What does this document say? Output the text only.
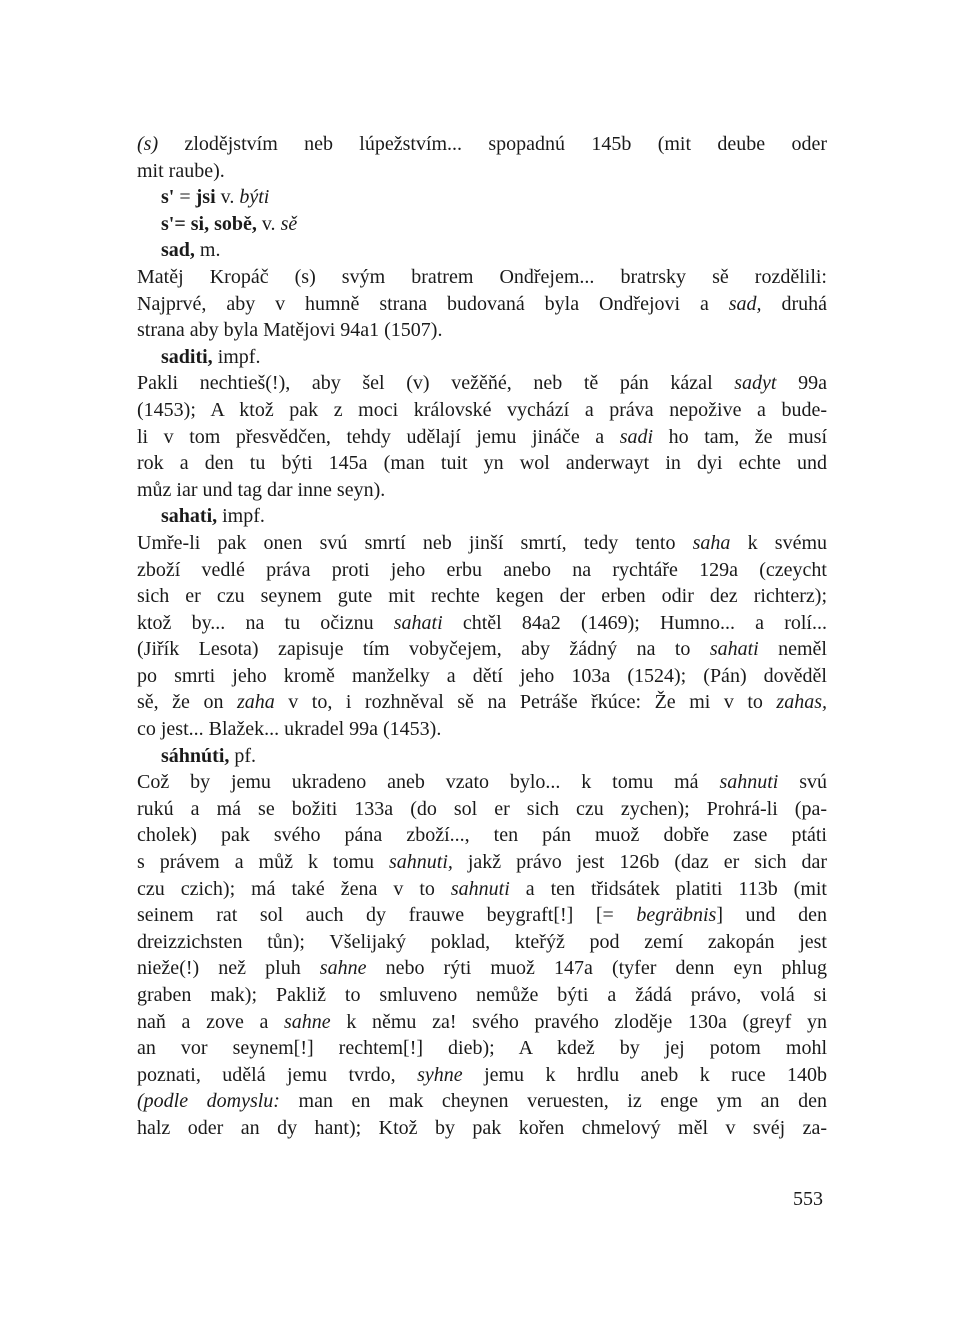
(s) zlodějstvím neb lúpežstvím... spopadnú 145b (mit deube oder
mit raube).
s' = jsi v. býti
s'= si, sobě, v. sě
sad, m.
Matěj Kropáč (s) svým bratrem Ondřejem... bratrsky sě rozdělili:
Najprvé, aby v humně strana budovaná byla Ondřejovi a sad, druhá
strana aby byla Matějovi 94a1 (1507).
saditi, impf.
Pakli nechtieš(!), aby šel (v) vežěňé, neb tě pán kázal sadyt 99a
(1453); A ktož pak z moci královské vychází a práva nepožive a bude-
li v tom přesvědčen, tehdy udělají jemu jináče a sadi ho tam, že musí
rok a den tu býti 145a (man tuit yn wol anderwayt in dyi echte und
můz iar und tag dar inne seyn).
sahati, impf.
Umře-li pak onen svú smrtí neb jinší smrtí, tedy tento saha k svému
zboží vedlé práva proti jeho erbu anebo na rychtáře 129a (czeycht
sich er czu seynem gute mit rechte kegen der erben odir dez richterz);
ktož by... na tu očiznu sahati chtěl 84a2 (1469); Humno... a rolí...
(Jiřík Lesota) zapisuje tím vobyčejem, aby žádný na to sahati neměl
po smrti jeho kromě manželky a dětí jeho 103a (1524); (Pán) dověděl
sě, že on zaha v to, i rozhněval sě na Petráše řkúce: Že mi v to zahas,
co jest... Blažek... ukradel 99a (1453).
sáhnúti, pf.
Což by jemu ukradeno aneb vzato bylo... k tomu má sahnuti svú
rukú a má se božiti 133a (do sol er sich czu zychen); Prohrá-li (pa-
cholek) pak svého pána zboží..., ten pán muož dobře zase ptáti
s právem a můž k tomu sahnuti, jakž právo jest 126b (daz er sich dar
czu czich); má také žena v to sahnuti a ten třidsátek platiti 113b (mit
seinem rat sol auch dy frauwe beygraft[!] [= begräbnis] und den
dreizzichsten tůn); Všelijaký poklad, kteřýž pod zemí zakopán jest
nieže(!) než pluh sahne nebo rýti muož 147a (tyfer denn eyn phlug
graben mak); Pakliž to smluveno nemůže býti a žádá právo, volá si
naň a zove a sahne k němu za! svého pravého zloděje 130a (greyf yn
an vor seynem[!] rechtem[!] dieb); A kdež by jej potom mohl
poznati, udělá jemu tvrdo, syhne jemu k hrdlu aneb k ruce 140b
(podle domyslu: man en mak cheynen veruesten, iz enge ym an den
halz oder an dy hant); Ktož by pak kořen chmelový měl v svéj za-
553
